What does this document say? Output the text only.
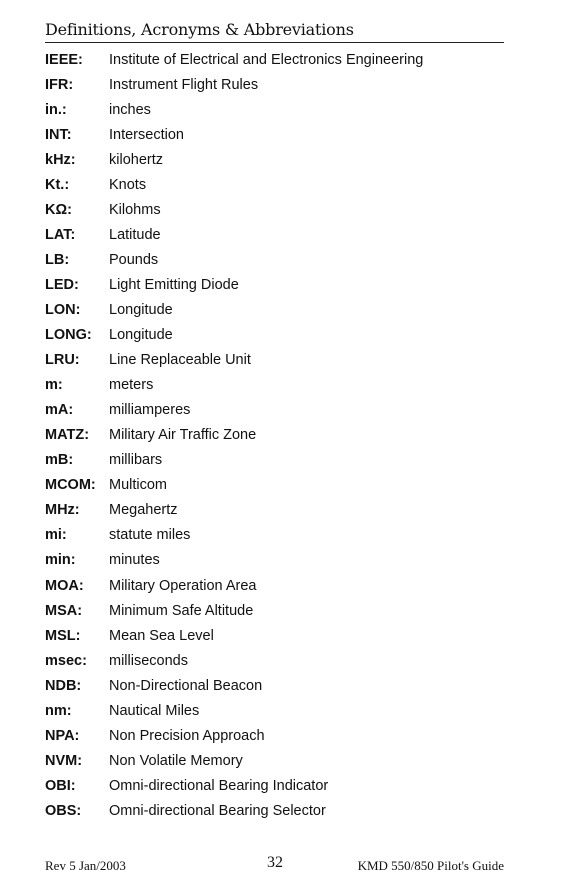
Definitions, Acronyms & Abbreviations
IEEE:	Institute of Electrical and Electronics Engineering
IFR:	Instrument Flight Rules
in.:	inches
INT:	Intersection
kHz:	kilohertz
Kt.:	Knots
KΩ:	Kilohms
LAT:	Latitude
LB:	Pounds
LED:	Light Emitting Diode
LON:	Longitude
LONG:	Longitude
LRU:	Line Replaceable Unit
m:	meters
mA:	milliamperes
MATZ:	Military Air Traffic Zone
mB:	millibars
MCOM: Multicom
MHz:	Megahertz
mi:	statute miles
min:	minutes
MOA:	Military Operation Area
MSA:	Minimum Safe Altitude
MSL:	Mean Sea Level
msec:	milliseconds
NDB:	Non-Directional Beacon
nm:	Nautical Miles
NPA:	Non Precision Approach
NVM:	Non Volatile Memory
OBI:	Omni-directional Bearing Indicator
OBS:	Omni-directional Bearing Selector
Rev 5 Jan/2003	32	KMD 550/850 Pilot's Guide
